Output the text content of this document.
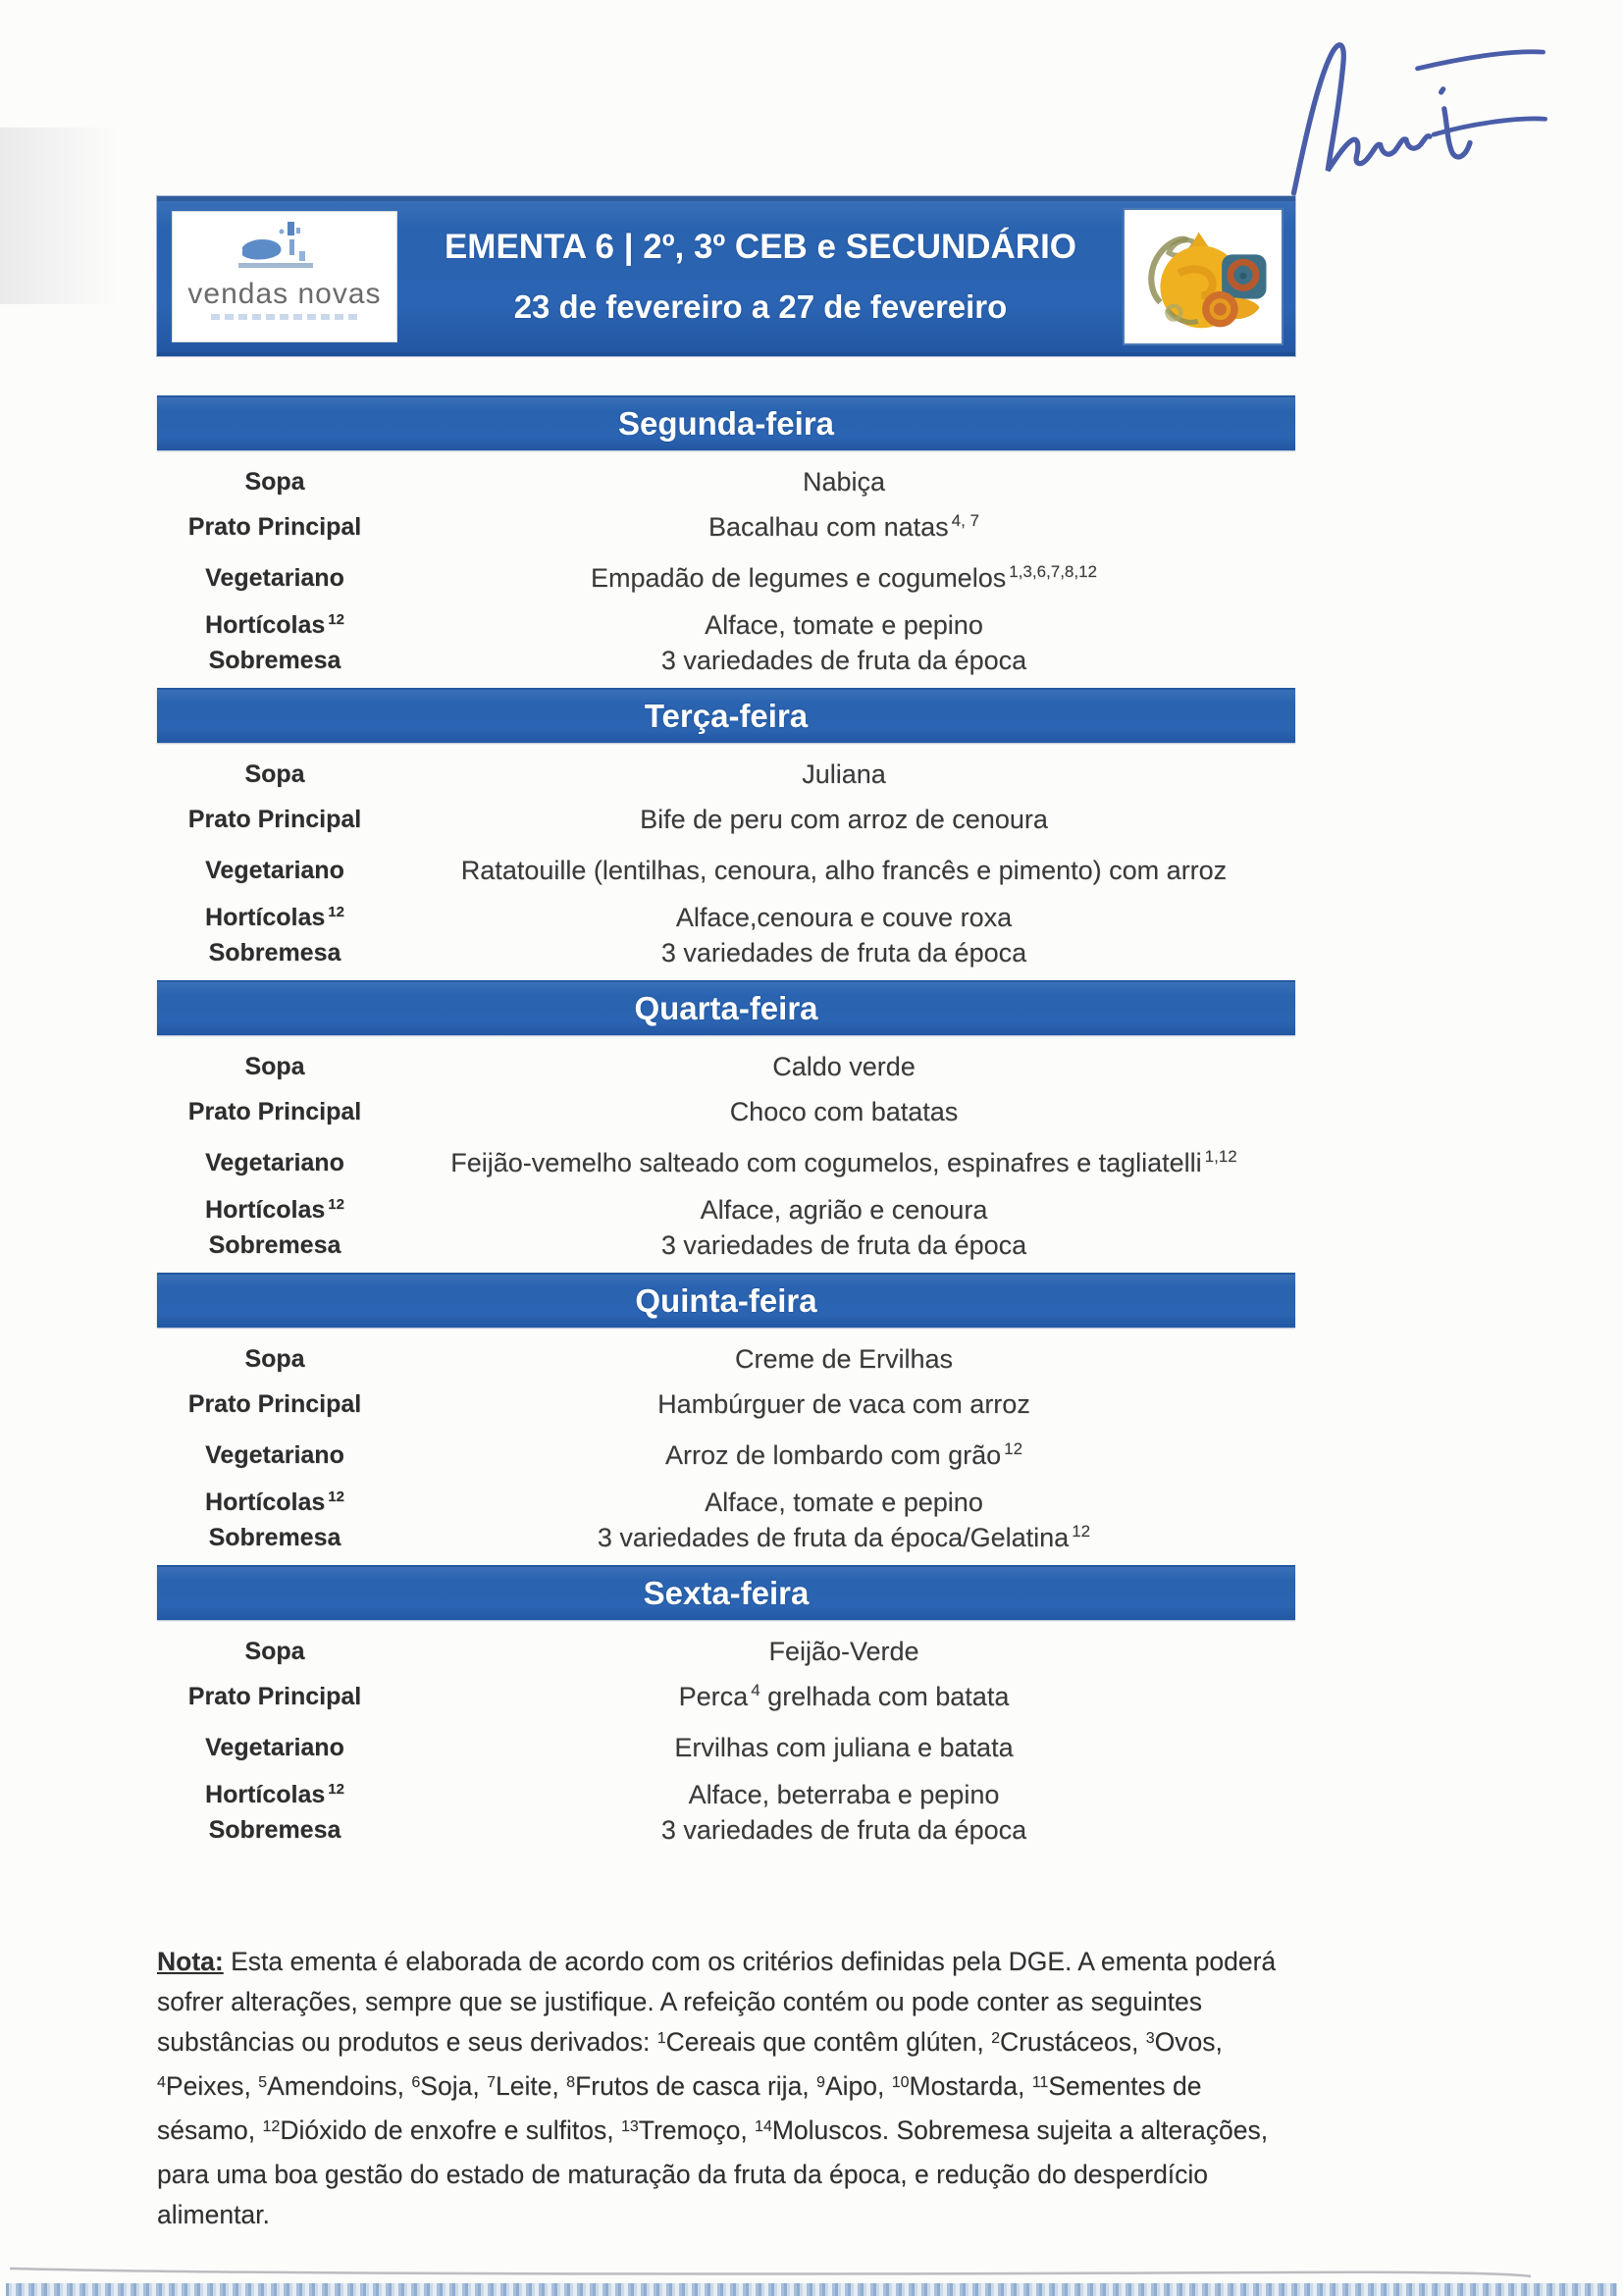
vendas novas
EMENTA 6 | 2º, 3º CEB e SECUNDÁRIO
23 de fevereiro a 27 de fevereiro
Segunda-feira
Sopa	Nabiça
Prato Principal	Bacalhau com natas $^{4, 7}$
Vegetariano	Empadão de legumes e cogumelos $^{1,3,6,7,8,12}$
Hortícolas $^{12}$	Alface, tomate e pepino
Sobremesa	3 variedades de fruta da época
Terça-feira
Sopa	Juliana
Prato Principal	Bife de peru com arroz de cenoura
Vegetariano	Ratatouille (lentilhas, cenoura, alho francês e pimento) com arroz
Hortícolas $^{12}$	Alface,cenoura e couve roxa
Sobremesa	3 variedades de fruta da época
Quarta-feira
Sopa	Caldo verde
Prato Principal	Choco com batatas
Vegetariano	Feijão-vemelho salteado com cogumelos, espinafres e tagliatelli $^{1,12}$
Hortícolas $^{12}$	Alface, agrião e cenoura
Sobremesa	3 variedades de fruta da época
Quinta-feira
Sopa	Creme de Ervilhas
Prato Principal	Hambúrguer de vaca com arroz
Vegetariano	Arroz de lombardo com grão $^{12}$
Hortícolas $^{12}$	Alface, tomate e pepino
Sobremesa	3 variedades de fruta da época/Gelatina $^{12}$
Sexta-feira
Sopa	Feijão-Verde
Prato Principal	Perca $^4$ grelhada com batata
Vegetariano	Ervilhas com juliana e batata
Hortícolas $^{12}$	Alface, beterraba e pepino
Sobremesa	3 variedades de fruta da época
Nota: Esta ementa é elaborada de acordo com os critérios definidas pela DGE. A ementa poderá sofrer alterações, sempre que se justifique. A refeição contém ou pode conter as seguintes substâncias ou produtos e seus derivados: $^1$Cereais que contêm glúten, $^2$Crustáceos, $^3$Ovos, $^4$Peixes, $^5$Amendoins, $^6$Soja, $^7$Leite, $^8$Frutos de casca rija, $^9$Aipo, $^{10}$Mostarda, $^{11}$Sementes de sésamo, $^{12}$Dióxido de enxofre e sulfitos, $^{13}$Tremoço, $^{14}$Moluscos. Sobremesa sujeita a alterações, para uma boa gestão do estado de maturação da fruta da época, e redução do desperdício alimentar.
